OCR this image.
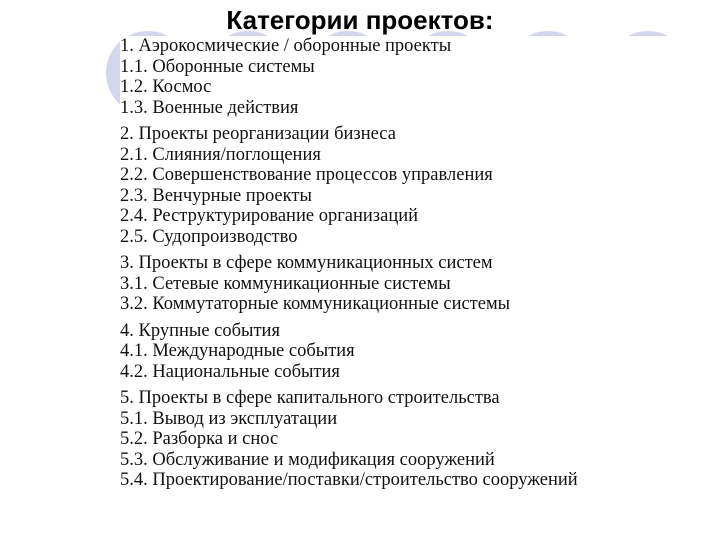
Категории проектов:
1. Аэрокосмические / оборонные проекты
1.1. Оборонные системы
1.2. Космос
1.3. Военные действия
2. Проекты реорганизации бизнеса
2.1. Слияния/поглощения
2.2. Совершенствование процессов управления
2.3. Венчурные проекты
2.4. Реструктурирование организаций
2.5. Судопроизводство
3. Проекты в сфере коммуникационных систем
3.1. Сетевые коммуникационные системы
3.2. Коммутаторные коммуникационные системы
4. Крупные события
4.1. Международные события
4.2. Национальные события
5. Проекты в сфере капитального строительства
5.1. Вывод из эксплуатации
5.2. Разборка и снос
5.3. Обслуживание и модификация сооружений
5.4. Проектирование/поставки/строительство сооружений
